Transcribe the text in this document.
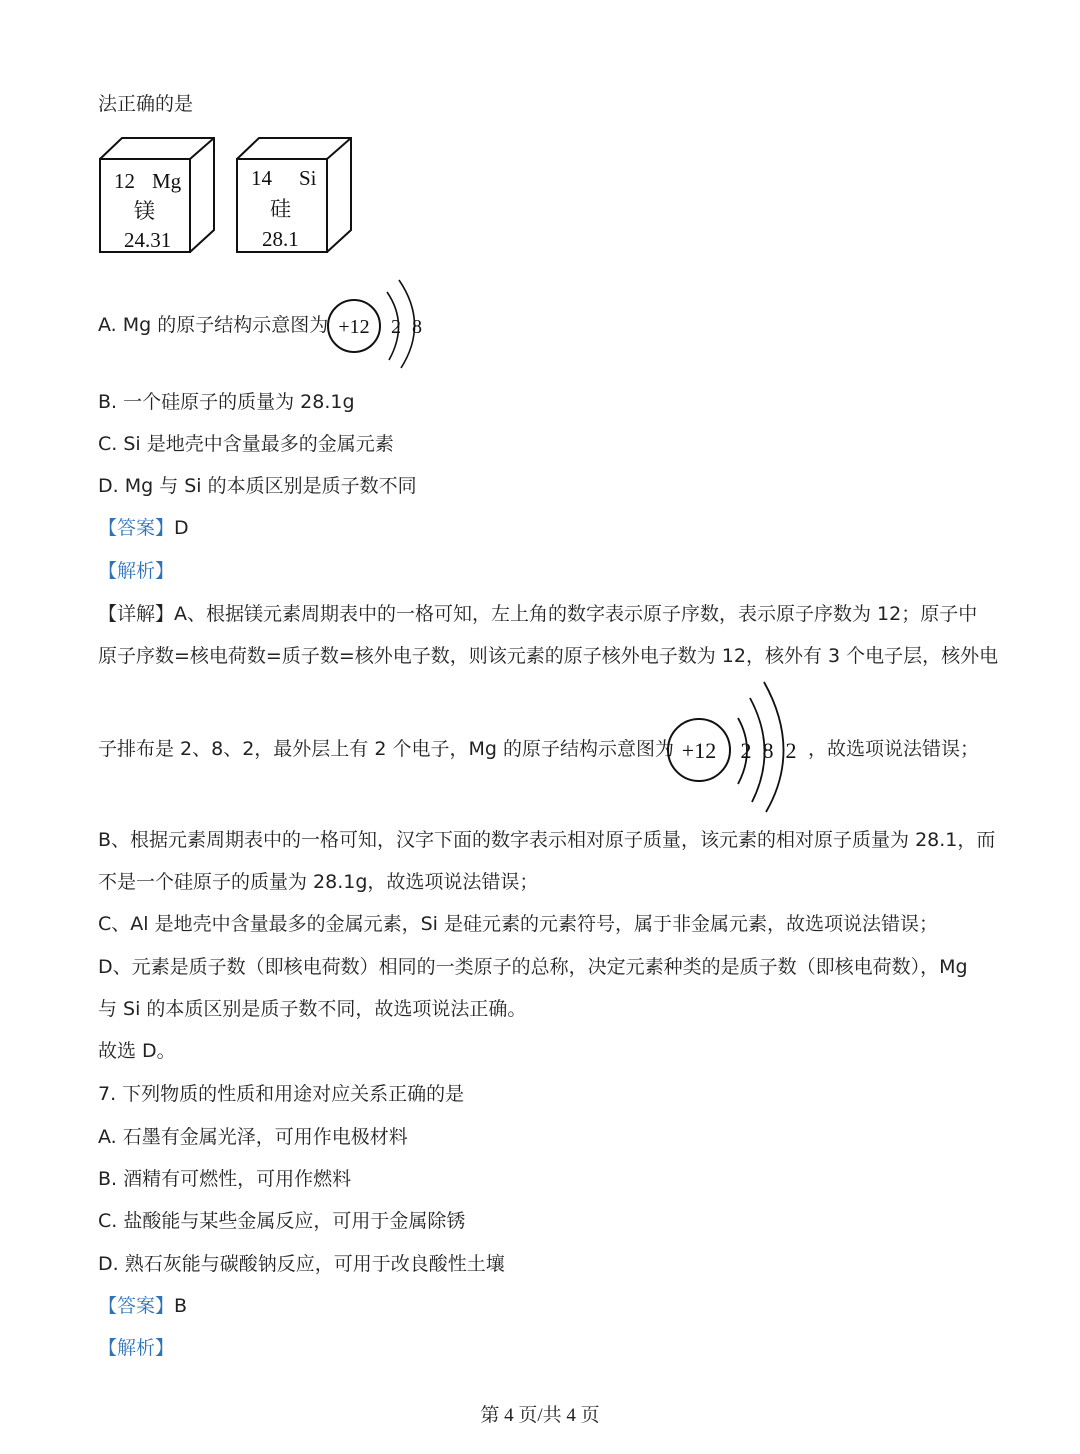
法正确的是
12 Mg
镁
24.31
14 Si
硅
28.1
A. Mg 的原子结构示意图为 +12 2 8
B. 一个硅原子的质量为 28.1g
C. Si 是地壳中含量最多的金属元素
D. Mg 与 Si 的本质区别是质子数不同
【答案】D
【解析】
【详解】A、根据镁元素周期表中的一格可知，左上角的数字表示原子序数，表示原子序数为 12；原子中
原子序数=核电荷数=质子数=核外电子数，则该元素的原子核外电子数为 12，核外有 3 个电子层，核外电
子排布是 2、8、2，最外层上有 2 个电子，Mg 的原子结构示意图为 +12 2 8 2 ，故选项说法错误；
B、根据元素周期表中的一格可知，汉字下面的数字表示相对原子质量，该元素的相对原子质量为 28.1，而
不是一个硅原子的质量为 28.1g，故选项说法错误；
C、Al 是地壳中含量最多的金属元素，Si 是硅元素的元素符号，属于非金属元素，故选项说法错误；
D、元素是质子数（即核电荷数）相同的一类原子的总称，决定元素种类的是质子数（即核电荷数），Mg
与 Si 的本质区别是质子数不同，故选项说法正确。
故选 D。
7. 下列物质的性质和用途对应关系正确的是
A. 石墨有金属光泽，可用作电极材料
B. 酒精有可燃性，可用作燃料
C. 盐酸能与某些金属反应，可用于金属除锈
D. 熟石灰能与碳酸钠反应，可用于改良酸性土壤
【答案】B
【解析】
第 4 页/共 4 页
